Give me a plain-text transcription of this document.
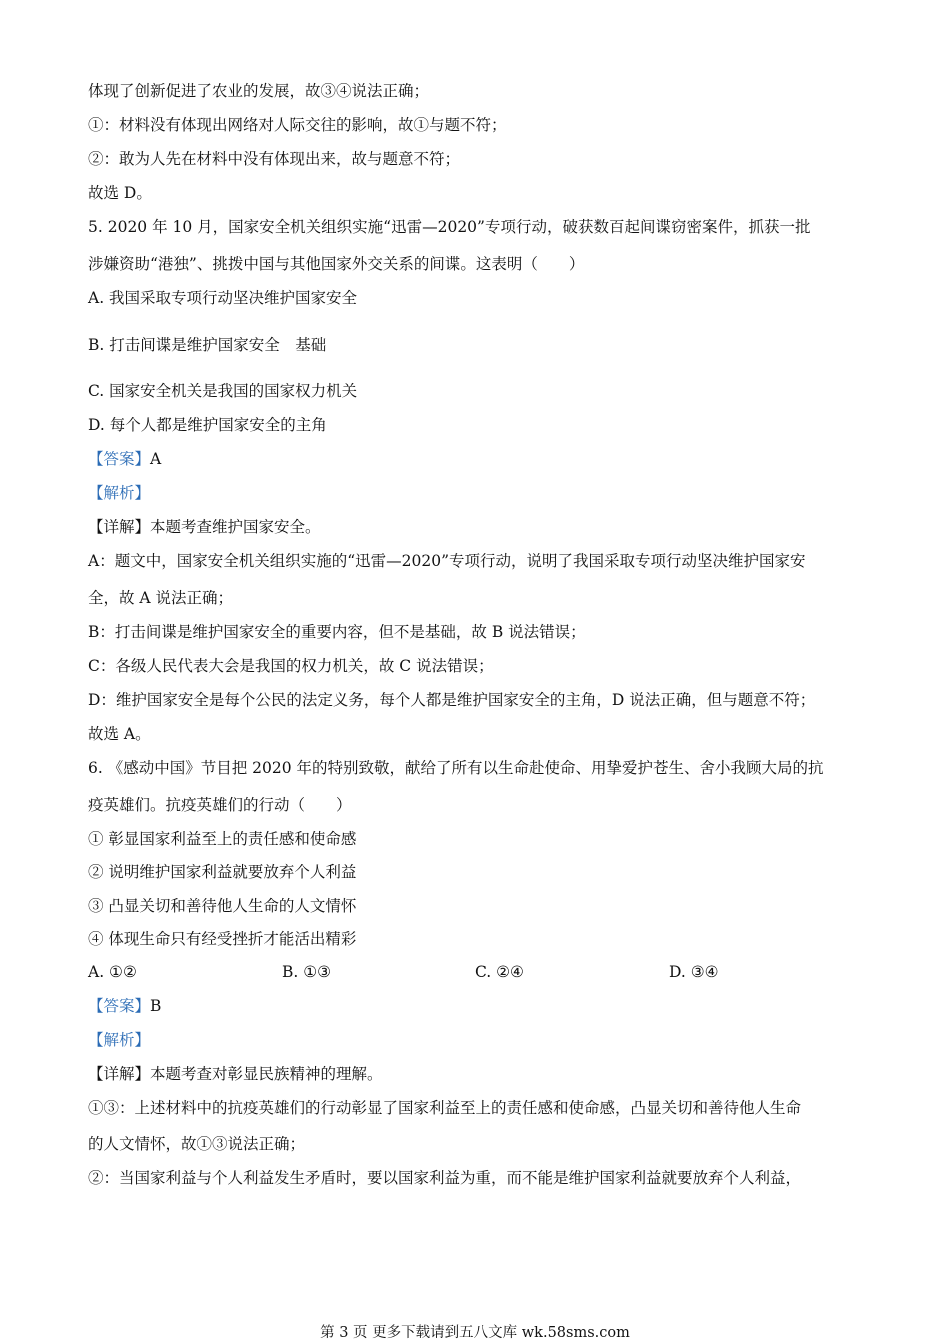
体现了创新促进了农业的发展，故③④说法正确；
①：材料没有体现出网络对人际交往的影响，故①与题不符；
②：敢为人先在材料中没有体现出来，故与题意不符；
故选 D。
5. 2020 年 10 月，国家安全机关组织实施“迅雷—2020”专项行动，破获数百起间谍窃密案件，抓获一批
涉嫌资助“港独”、挑拨中国与其他国家外交关系的间谍。这表明（　　）
A. 我国采取专项行动坚决维护国家安全
B. 打击间谍是维护国家安全　基础
C. 国家安全机关是我国的国家权力机关
D. 每个人都是维护国家安全的主角
【答案】A
【解析】
【详解】本题考查维护国家安全。
A：题文中，国家安全机关组织实施的“迅雷—2020”专项行动，说明了我国采取专项行动坚决维护国家安
全，故 A 说法正确；
B：打击间谍是维护国家安全的重要内容，但不是基础，故 B 说法错误；
C：各级人民代表大会是我国的权力机关，故 C 说法错误；
D：维护国家安全是每个公民的法定义务，每个人都是维护国家安全的主角，D 说法正确，但与题意不符；
故选 A。
6. 《感动中国》节目把 2020 年的特别致敬，献给了所有以生命赴使命、用挚爱护苍生、舍小我顾大局的抗
疫英雄们。抗疫英雄们的行动（　　）
① 彰显国家利益至上的责任感和使命感
② 说明维护国家利益就要放弃个人利益
③ 凸显关切和善待他人生命的人文情怀
④ 体现生命只有经受挫折才能活出精彩
A. ①②	B. ①③	C. ②④	D. ③④
【答案】B
【解析】
【详解】本题考查对彰显民族精神的理解。
①③：上述材料中的抗疫英雄们的行动彰显了国家利益至上的责任感和使命感，凸显关切和善待他人生命
的人文情怀，故①③说法正确；
②：当国家利益与个人利益发生矛盾时，要以国家利益为重，而不能是维护国家利益就要放弃个人利益，
第 3 页 更多下载请到五八文库 wk.58sms.com
